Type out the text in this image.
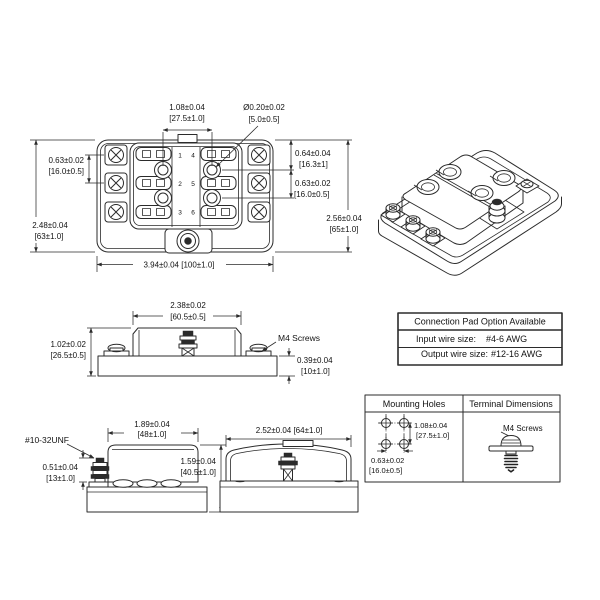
1 4
2 5
3 6
1.08±0.04
[27.5±1.0]
Ø0.20±0.02
[5.0±0.5]
0.63±0.02
[16.0±0.5]
2.48±0.04
[63±1.0]
0.64±0.04
[16.3±1]
0.63±0.02
[16.0±0.5]
2.56±0.04
[65±1.0]
3.94±0.04 [100±1.0]
2.38±0.02
[60.5±0.5]
1.02±0.02
[26.5±0.5]
M4 Screws
0.39±0.04
[10±1.0]
#10-32UNF
1.89±0.04
[48±1.0]
0.51±0.04
[13±1.0]
1.59±0.04
[40.5±1.0]
2.52±0.04 [64±1.0]
Connection Pad Option Available
Input wire size: #4-6 AWG
Output wire size: #12-16 AWG
Mounting Holes	Terminal Dimensions
1.08±0.04
[27.5±1.0]
0.63±0.02
[16.0±0.5]
M4 Screws
